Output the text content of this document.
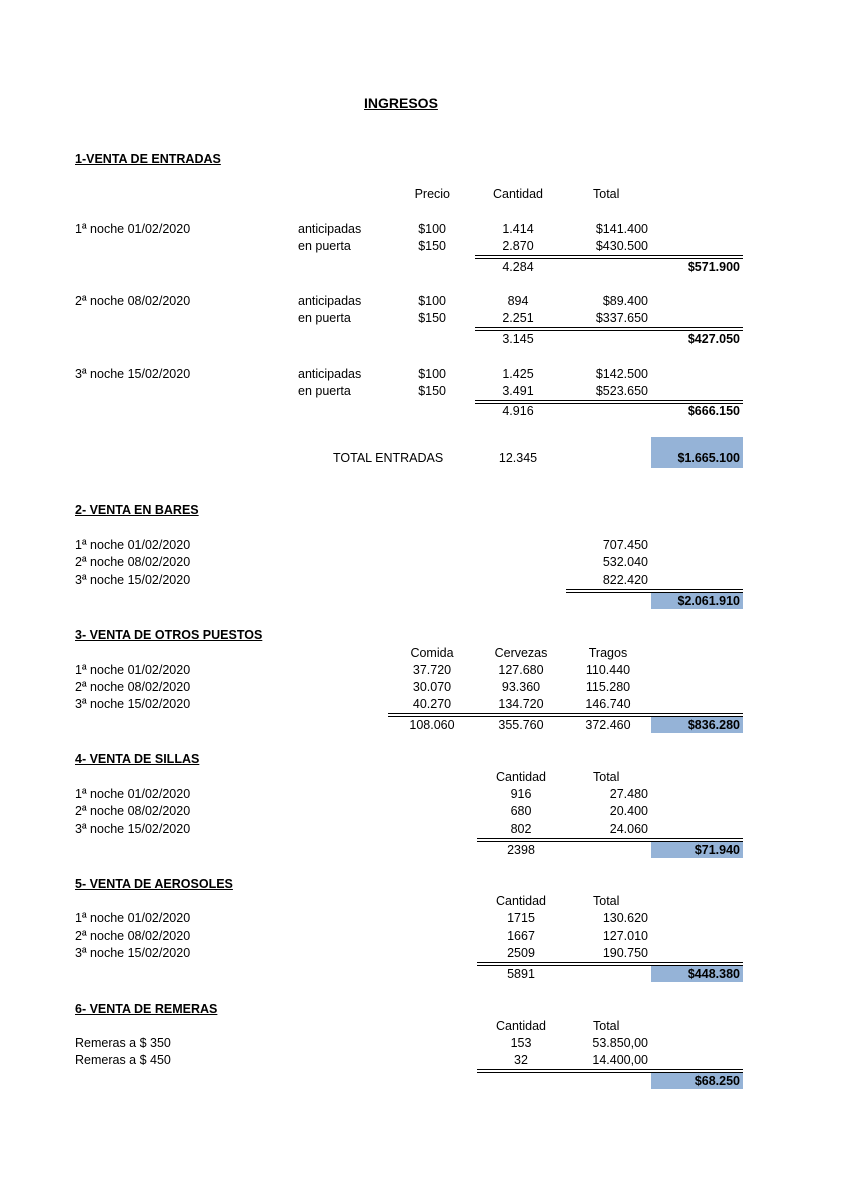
INGRESOS
1-VENTA DE ENTRADAS
Precio	Cantidad	Total
1ª noche 01/02/2020	anticipadas	$100	1.414	$141.400
en puerta	$150	2.870	$430.500
4.284	$571.900
2ª noche 08/02/2020	anticipadas	$100	894	$89.400
en puerta	$150	2.251	$337.650
3.145	$427.050
3ª noche 15/02/2020	anticipadas	$100	1.425	$142.500
en puerta	$150	3.491	$523.650
4.916	$666.150
TOTAL ENTRADAS	12.345	$1.665.100
2- VENTA EN BARES
1ª noche 01/02/2020	707.450
2ª noche 08/02/2020	532.040
3ª noche 15/02/2020	822.420
$2.061.910
3- VENTA DE OTROS PUESTOS
Comida	Cervezas	Tragos
1ª noche 01/02/2020	37.720	127.680	110.440
2ª noche 08/02/2020	30.070	93.360	115.280
3ª noche 15/02/2020	40.270	134.720	146.740
108.060	355.760	372.460	$836.280
4- VENTA DE SILLAS
Cantidad	Total
1ª noche 01/02/2020	916	27.480
2ª noche 08/02/2020	680	20.400
3ª noche 15/02/2020	802	24.060
2398	$71.940
5- VENTA DE AEROSOLES
Cantidad	Total
1ª noche 01/02/2020	1715	130.620
2ª noche 08/02/2020	1667	127.010
3ª noche 15/02/2020	2509	190.750
5891	$448.380
6- VENTA DE REMERAS
Cantidad	Total
Remeras a $ 350	153	53.850,00
Remeras a $ 450	32	14.400,00
$68.250
